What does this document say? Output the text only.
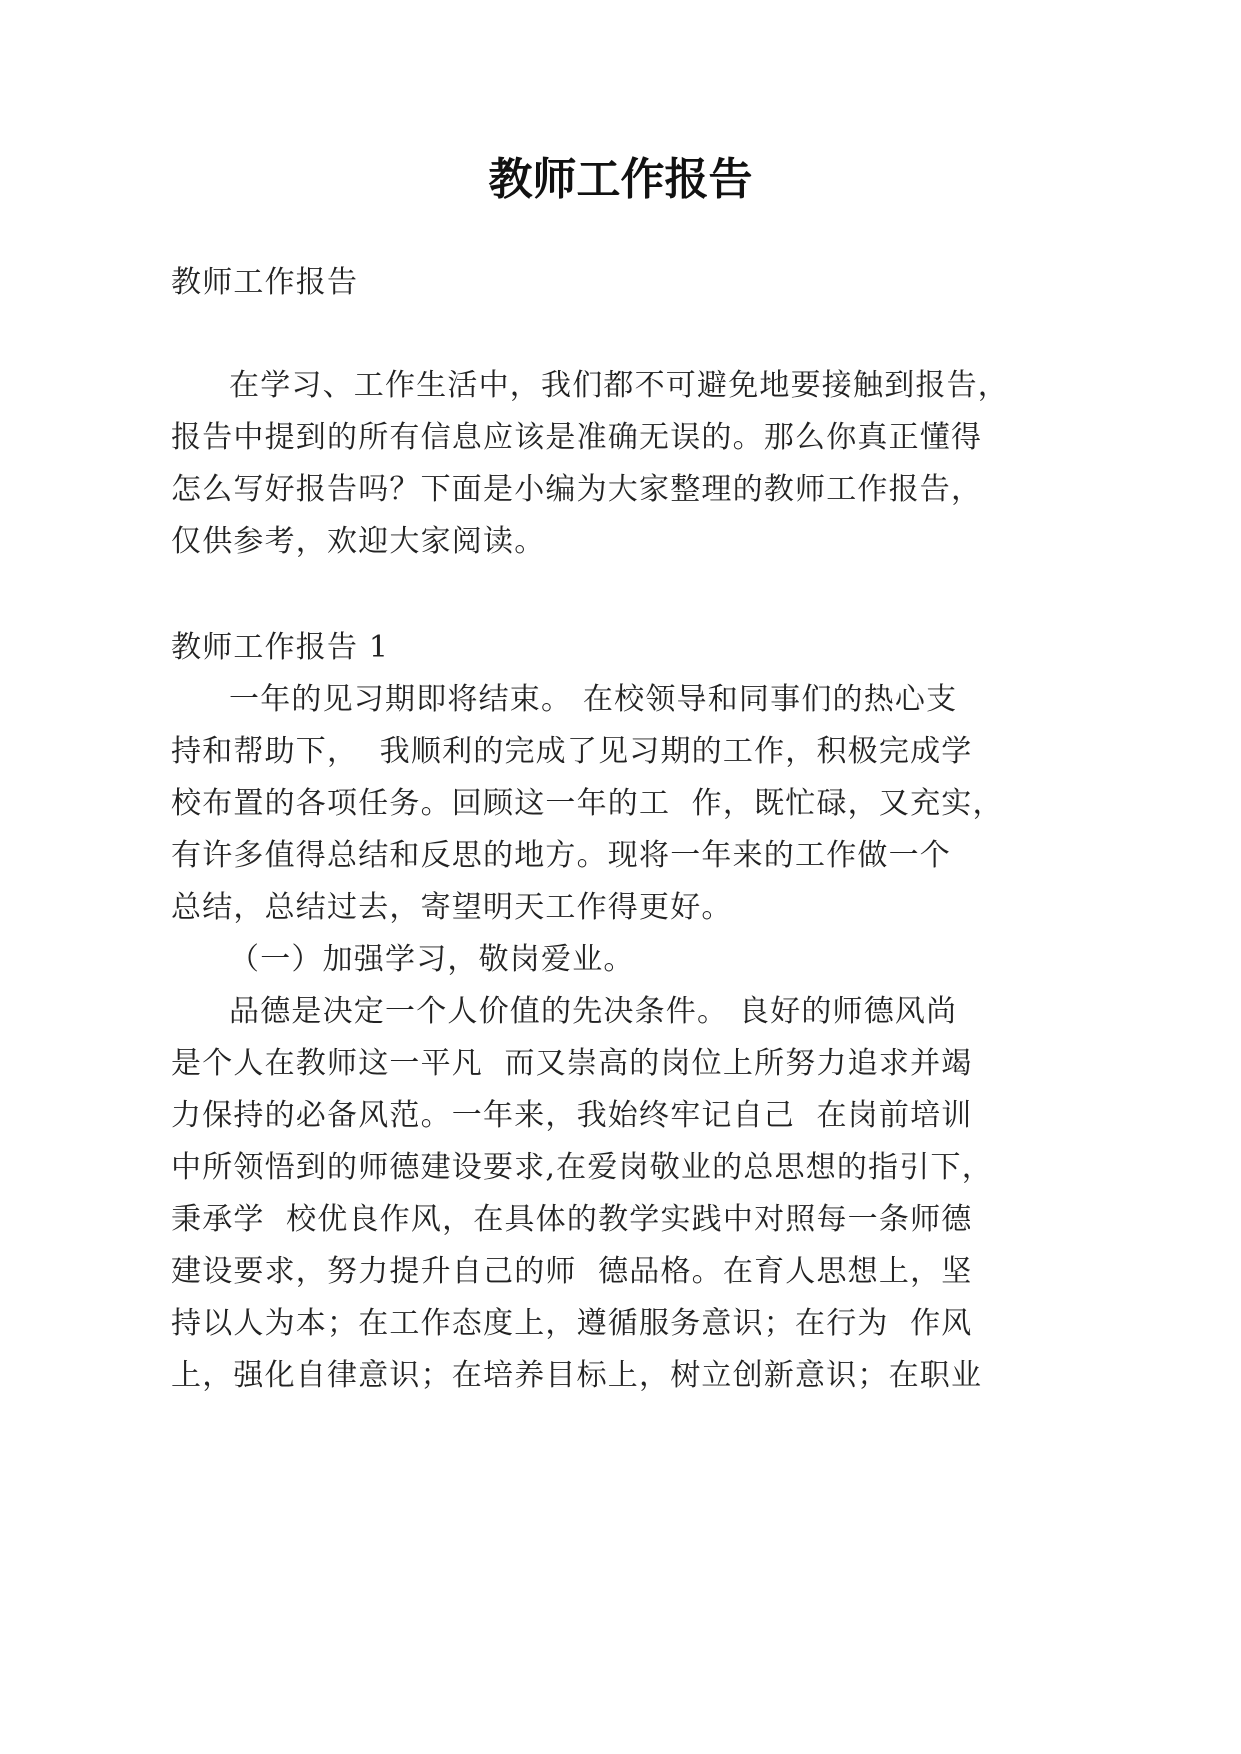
教师工作报告
教师工作报告
在学习、工作生活中，我们都不可避免地要接触到报告，
报告中提到的所有信息应该是准确无误的。那么你真正懂得
怎么写好报告吗？下面是小编为大家整理的教师工作报告，
仅供参考，欢迎大家阅读。
教师工作报告 1
一年的见习期即将结束。 在校领导和同事们的热心支
持和帮助下，  我顺利的完成了见习期的工作，积极完成学
校布置的各项任务。回顾这一年的工  作，既忙碌，又充实，
有许多值得总结和反思的地方。现将一年来的工作做一个
总结，总结过去，寄望明天工作得更好。
（一）加强学习，敬岗爱业。
品德是决定一个人价值的先决条件。 良好的师德风尚
是个人在教师这一平凡  而又崇高的岗位上所努力追求并竭
力保持的必备风范。一年来，我始终牢记自己  在岗前培训
中所领悟到的师德建设要求,在爱岗敬业的总思想的指引下，
秉承学  校优良作风，在具体的教学实践中对照每一条师德
建设要求，努力提升自己的师  德品格。在育人思想上，坚
持以人为本；在工作态度上，遵循服务意识；在行为  作风
上，强化自律意识；在培养目标上，树立创新意识；在职业
